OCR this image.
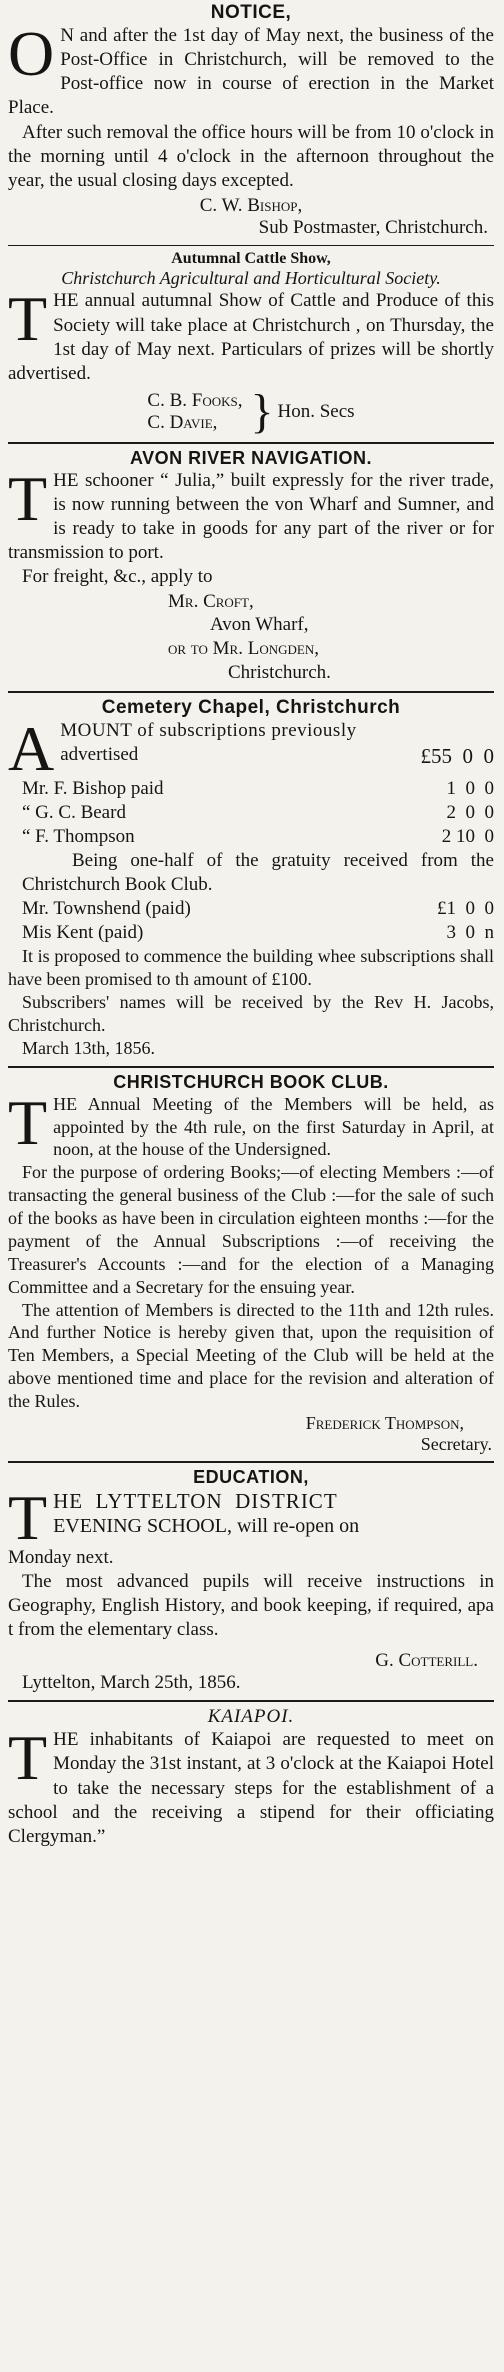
NOTICE,
O N and after the 1st day of May next, the business of the Post-Office in Christchurch, will be removed to the Post-office now in course of erection in the Market Place.

After such removal the office hours will be from 10 o'clock in the morning until 4 o'clock in the afternoon throughout the year, the usual closing days excepted.

C. W. Bishop,
Sub Postmaster, Christchurch.
Autumnal Cattle Show,
Christchurch Agricultural and Horticultural Society.
T HE annual autumnal Show of Cattle and Produce of this Society will take place at Christchurch , on Thursday, the 1st day of May next. Particulars of prizes will be shortly advertised.

C. B. Fooks,
C. Davie, } Hon. Secs
AVON RIVER NAVIGATION.
T HE schooner “ Julia,” built expressly for the river trade, is now running between the von Wharf and Sumner, and is ready to take in goods for any part of the river or for transmission to port.

For freight, &c., apply to

Mr. Croft,
Avon Wharf,
or to Mr. Longden,
Christchurch.
Cemetery Chapel, Christchurch
A MOUNT of subscriptions previously
advertised	£55  0  0
Mr. F. Bishop paid	1  0  0
“ G. C. Beard	2  0  0
“ F. Thompson	2 10  0

Being one-half of the gratuity received from the Christchurch Book Club.

Mr. Townshend (paid)	£1  0  0
Mis Kent (paid)	3  0  n

It is proposed to commence the building whee subscriptions shall have been promised to th amount of £100.

Subscribers' names will be received by the Rev H. Jacobs, Christchurch.

March 13th, 1856.

CHRISTCHURCH BOOK CLUB.
T HE Annual Meeting of the Members will be held, as appointed by the 4th rule, on the first Saturday in April, at noon, at the house of the Undersigned.

For the purpose of ordering Books;—of electing Members :—of transacting the general business of the Club :—for the sale of such of the books as have been in circulation eighteen months :—for the payment of the Annual Subscriptions :—of receiving the Treasurer's Accounts :—and for the election of a Managing Committee and a Secretary for the ensuing year.

The attention of Members is directed to the 11th and 12th rules. And further Notice is hereby given that, upon the requisition of Ten Members, a Special Meeting of the Club will be held at the above mentioned time and place for the revision and alteration of the Rules.

Frederick Thompson,
Secretary.
EDUCATION,
T HE  LYTTELTON  DISTRICT
EVENING SCHOOL, will re-open on
Monday next.

The most advanced pupils will receive instructions in Geography, English History, and book keeping, if required, apa t from the elementary class.

G. Cotterill.
Lyttelton, March 25th, 1856.
KAIAPOI.
T HE inhabitants of Kaiapoi are requested to meet on Monday the 31st instant, at 3 o'clock at the Kaiapoi Hotel to take the necessary steps for the establishment of a school and the receiving a stipend for their officiating Clergyman.”
